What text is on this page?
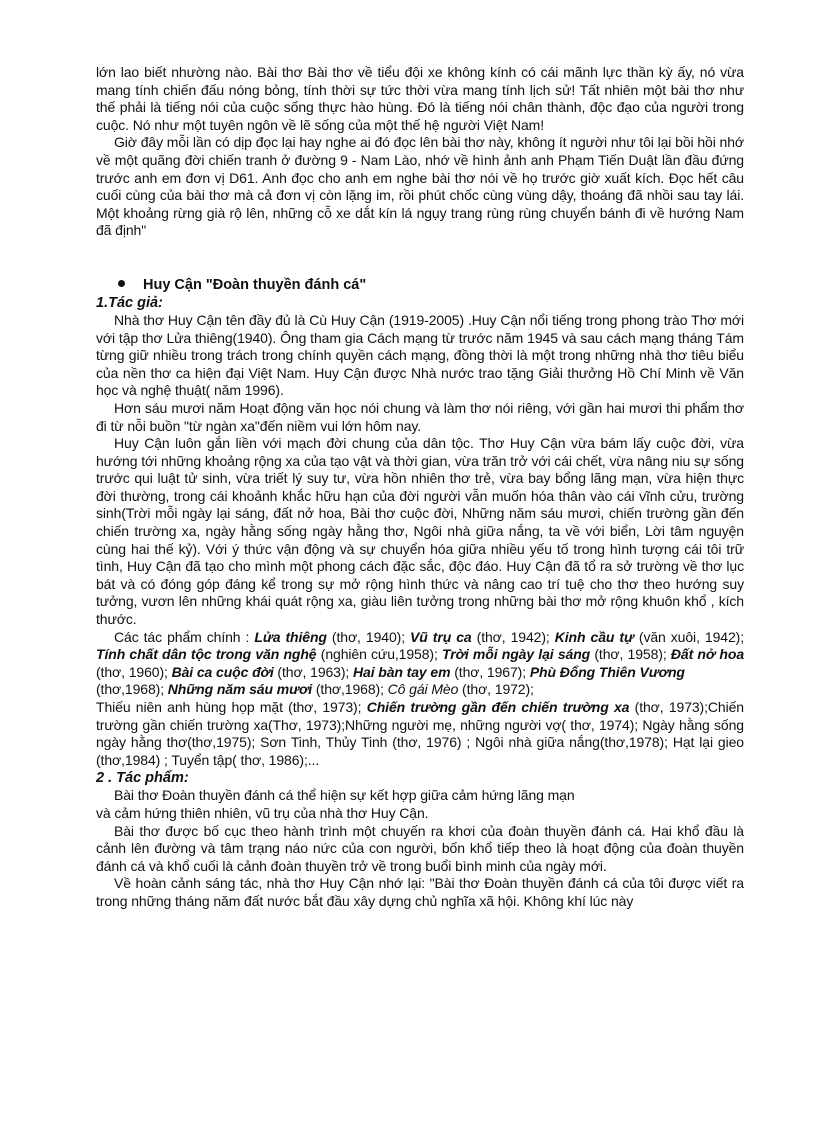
lớn lao biết nhường nào. Bài thơ Bài thơ về tiểu đội xe không kính có cái mãnh lực thần kỳ ấy, nó vừa mang tính chiến đấu nóng bỏng, tính thời sự tức thời vừa mang tính lịch sử! Tất nhiên một bài thơ như thế phải là tiếng nói của cuộc sống thực hào hùng. Đó là tiếng nói chân thành, độc đạo của người trong cuộc. Nó như một tuyên ngôn về lẽ sống của một thế hệ người Việt Nam!

Giờ đây mỗi lần có dịp đọc lại hay nghe ai đó đọc lên bài thơ này, không ít người như tôi lại bồi hồi nhớ về một quãng đời chiến tranh ở đường 9 - Nam Lào, nhớ về hình ảnh anh Phạm Tiến Duật lần đầu đứng trước anh em đơn vị D61. Anh đọc cho anh em nghe bài thơ nói về họ trước giờ xuất kích. Đọc hết câu cuối cùng của bài thơ mà cả đơn vị còn lặng im, rồi phút chốc cùng vùng dậy, thoáng đã nhồi sau tay lái. Một khoảng rừng già rộ lên, những cỗ xe dắt kín lá ngụy trang rùng rùng chuyển bánh đi về hướng Nam đã định"

Huy Cận "Đoàn thuyền đánh cá"
1.Tác giả:

Nhà thơ Huy Cận tên đầy đủ là Cù Huy Cận (1919-2005) .Huy Cận nổi tiếng trong phong trào Thơ mới với tập thơ Lửa thiêng(1940). Ông tham gia Cách mạng từ trước năm 1945 và sau cách mạng tháng Tám từng giữ nhiều trong trách trong chính quyền cách mạng, đồng thời là một trong những nhà thơ tiêu biểu của nền thơ ca hiện đại Việt Nam. Huy Cận được Nhà nước trao tặng Giải thưởng Hồ Chí Minh về Văn học và nghệ thuật( năm 1996).

Hơn sáu mươi năm Hoạt động văn học nói chung và làm thơ nói riêng, với gần hai mươi thi phẩm thơ đi từ nỗi buồn "từ ngàn xa"đến niềm vui lớn hôm nay.

Huy Cận luôn gắn liền với mạch đời chung của dân tộc. Thơ Huy Cận vừa bám lấy cuộc đời, vừa hướng tới những khoảng rộng xa của tạo vật và thời gian, vừa trăn trở với cái chết, vừa nâng niu sự sống trước qui luật tử sinh, vừa triết lý suy tư, vừa hồn nhiên thơ trẻ, vừa bay bổng lãng mạn, vừa hiện thực đời thường, trong cái khoảnh khắc hữu hạn của đời người vẫn muốn hóa thân vào cái vĩnh cửu, trường sinh(Trời mỗi ngày lại sáng, đất nở hoa, Bài thơ cuộc đời, Những năm sáu mươi, chiến trường gần đến chiến trường xa, ngày hằng sống ngày hằng thơ, Ngôi nhà giữa nắng, ta về với biển, Lời tâm nguyện cùng hai thế kỷ). Với ý thức vận động và sự chuyển hóa giữa nhiều yếu tố trong hình tượng cái tôi trữ tình, Huy Cận đã tạo cho mình một phong cách đặc sắc, độc đáo. Huy Cận đã tổ ra sở trường về thơ lục bát và có đóng góp đáng kể trong sự mở rộng hình thức và nâng cao trí tuệ cho thơ theo hướng suy tưởng, vươn lên những khái quát rộng xa, giàu liên tưởng trong những bài thơ mở rộng khuôn khổ , kích thước.

Các tác phẩm chính : Lửa thiêng (thơ, 1940); Vũ trụ ca (thơ, 1942); Kinh cầu tự (văn xuôi, 1942); Tính chất dân tộc trong văn nghệ (nghiên cứu,1958); Trời mỗi ngày lại sáng (thơ, 1958); Đất nở hoa (thơ, 1960); Bài ca cuộc đời (thơ, 1963); Hai bàn tay em (thơ, 1967); Phù Đổng Thiên Vương

(thơ,1968); Những năm sáu mươi (thơ,1968); Cô gái Mèo (thơ, 1972);

Thiếu niên anh hùng họp mặt (thơ, 1973); Chiến trường gần đến chiến trường xa (thơ, 1973);Chiến trường gần chiến trường xa(Thơ, 1973);Những người mẹ, những người vợ( thơ, 1974); Ngày hằng sống ngày hằng thơ(thơ,1975); Sơn Tinh, Thủy Tinh (thơ, 1976) ; Ngôi nhà giữa nắng(thơ,1978); Hạt lại gieo (thơ,1984) ; Tuyển tập( thơ, 1986);...

2 . Tác phẩm:

Bài thơ Đoàn thuyền đánh cá thể hiện sự kết hợp giữa cảm hứng lãng mạn

và cảm hứng thiên nhiên, vũ trụ của nhà thơ Huy Cận.

Bài thơ được bố cục theo hành trình một chuyến ra khơi của đoàn thuyền đánh cá. Hai khổ đầu là cảnh lên đường và tâm trạng náo nức của con người, bốn khổ tiếp theo là hoạt động của đoàn thuyền đánh cá và khổ cuối là cảnh đoàn thuyền trở về trong buổi bình minh của ngày mới.

Về hoàn cảnh sáng tác, nhà thơ Huy Cận nhớ lại: "Bài thơ Đoàn thuyền đánh cá của tôi được viết ra trong những tháng năm đất nước bắt đầu xây dựng chủ nghĩa xã hội. Không khí lúc này
